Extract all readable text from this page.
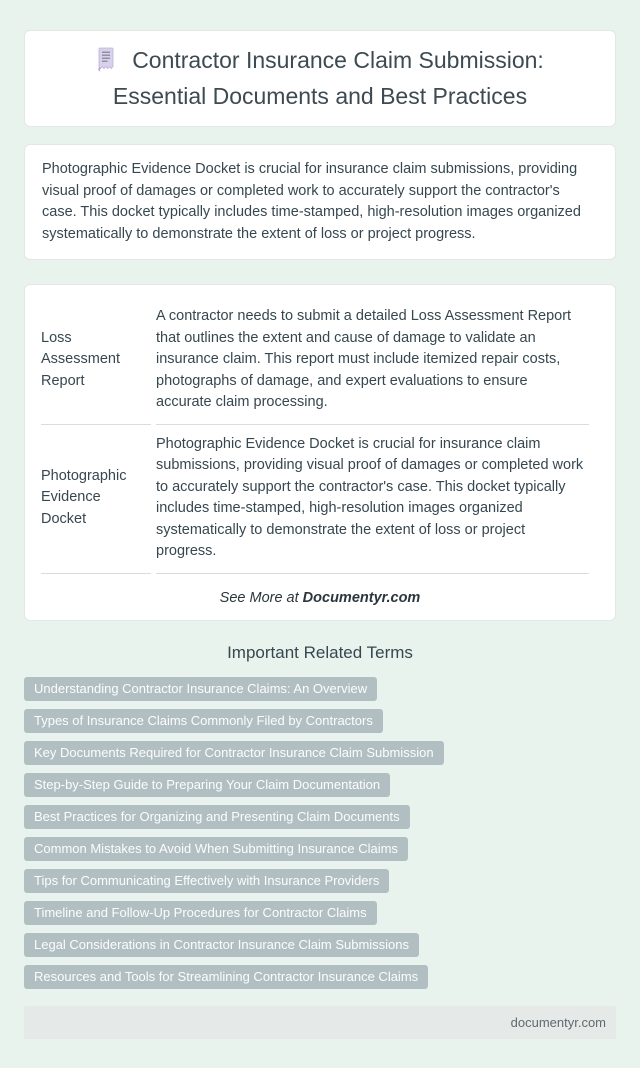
Contractor Insurance Claim Submission:
Essential Documents and Best Practices

Photographic Evidence Docket is crucial for insurance claim submissions, providing visual proof of damages or completed work to accurately support the contractor's case. This docket typically includes time-stamped, high-resolution images organized systematically to demonstrate the extent of loss or project progress.

Loss Assessment Report	A contractor needs to submit a detailed Loss Assessment Report that outlines the extent and cause of damage to validate an insurance claim. This report must include itemized repair costs, photographs of damage, and expert evaluations to ensure accurate claim processing.
Photographic Evidence Docket	Photographic Evidence Docket is crucial for insurance claim submissions, providing visual proof of damages or completed work to accurately support the contractor's case. This docket typically includes time-stamped, high-resolution images organized systematically to demonstrate the extent of loss or project progress.
See More at Documentyr.com
Important Related Terms
Understanding Contractor Insurance Claims: An Overview
Types of Insurance Claims Commonly Filed by Contractors
Key Documents Required for Contractor Insurance Claim Submission
Step-by-Step Guide to Preparing Your Claim Documentation
Best Practices for Organizing and Presenting Claim Documents
Common Mistakes to Avoid When Submitting Insurance Claims
Tips for Communicating Effectively with Insurance Providers
Timeline and Follow-Up Procedures for Contractor Claims
Legal Considerations in Contractor Insurance Claim Submissions
Resources and Tools for Streamlining Contractor Insurance Claims
documentyr.com
